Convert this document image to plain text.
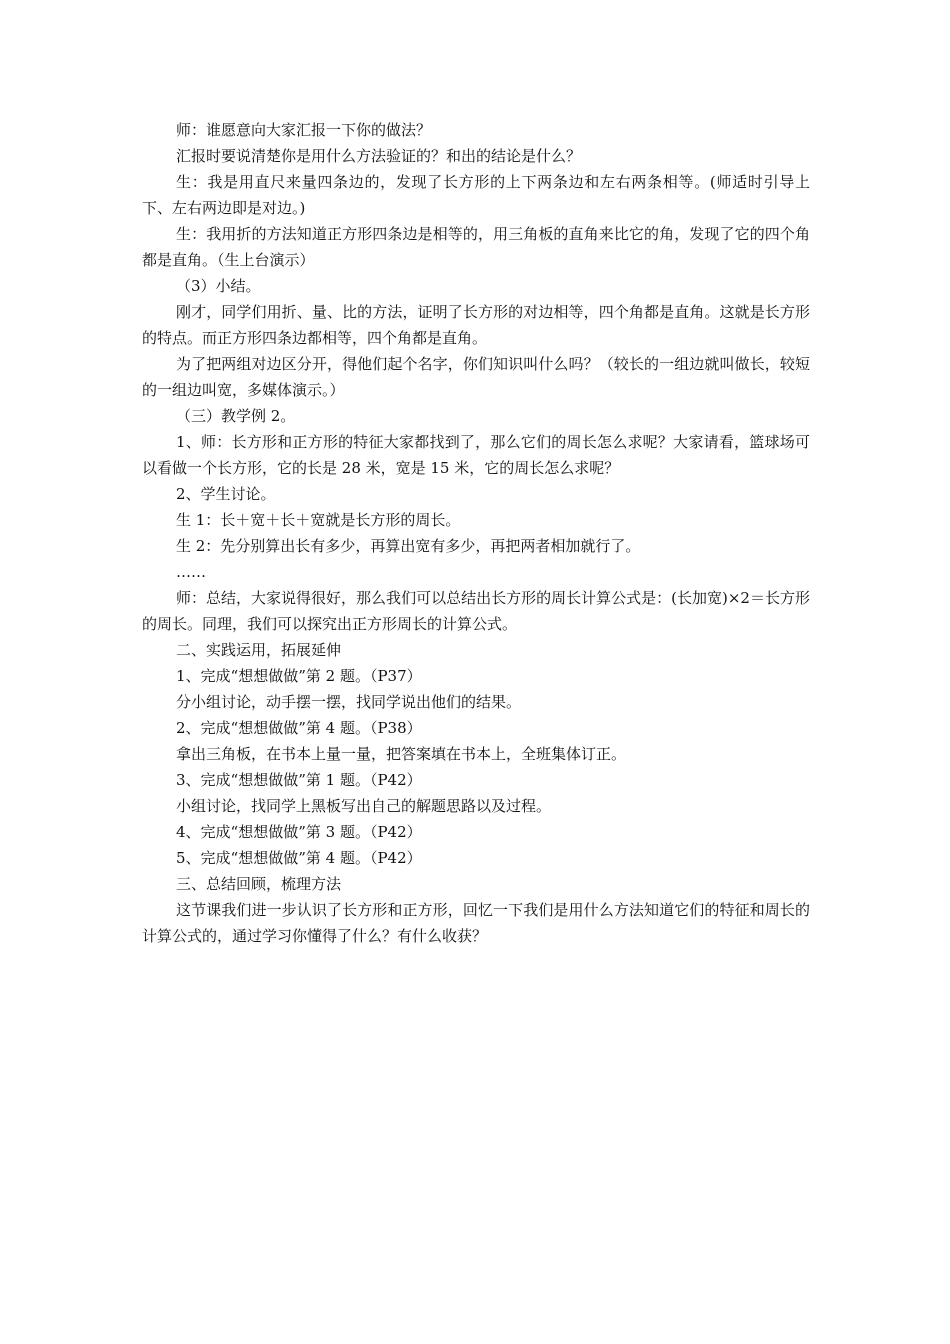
师：谁愿意向大家汇报一下你的做法？

汇报时要说清楚你是用什么方法验证的？和出的结论是什么？

生：我是用直尺来量四条边的，发现了长方形的上下两条边和左右两条相等。(师适时引导上下、左右两边即是对边。)

生：我用折的方法知道正方形四条边是相等的，用三角板的直角来比它的角，发现了它的四个角都是直角。（生上台演示）

（3）小结。

刚才，同学们用折、量、比的方法，证明了长方形的对边相等，四个角都是直角。这就是长方形的特点。而正方形四条边都相等，四个角都是直角。

为了把两组对边区分开，得他们起个名字，你们知识叫什么吗？（较长的一组边就叫做长，较短的一组边叫宽，多媒体演示。）

（三）教学例 2。

1、师：长方形和正方形的特征大家都找到了，那么它们的周长怎么求呢？大家请看，篮球场可以看做一个长方形，它的长是 28 米，宽是 15 米，它的周长怎么求呢？

2、学生讨论。

生 1：长＋宽＋长＋宽就是长方形的周长。

生 2：先分别算出长有多少，再算出宽有多少，再把两者相加就行了。

……

师：总结，大家说得很好，那么我们可以总结出长方形的周长计算公式是：(长加宽)×2＝长方形的周长。同理，我们可以探究出正方形周长的计算公式。

二、实践运用，拓展延伸

1、完成“想想做做”第 2 题。（P37）

分小组讨论，动手摆一摆，找同学说出他们的结果。

2、完成“想想做做”第 4 题。（P38）

拿出三角板，在书本上量一量，把答案填在书本上，全班集体订正。

3、完成“想想做做”第 1 题。（P42）

小组讨论，找同学上黑板写出自己的解题思路以及过程。

4、完成“想想做做”第 3 题。（P42）

5、完成“想想做做”第 4 题。（P42）

三、总结回顾，梳理方法

这节课我们进一步认识了长方形和正方形，回忆一下我们是用什么方法知道它们的特征和周长的计算公式的，通过学习你懂得了什么？有什么收获？
